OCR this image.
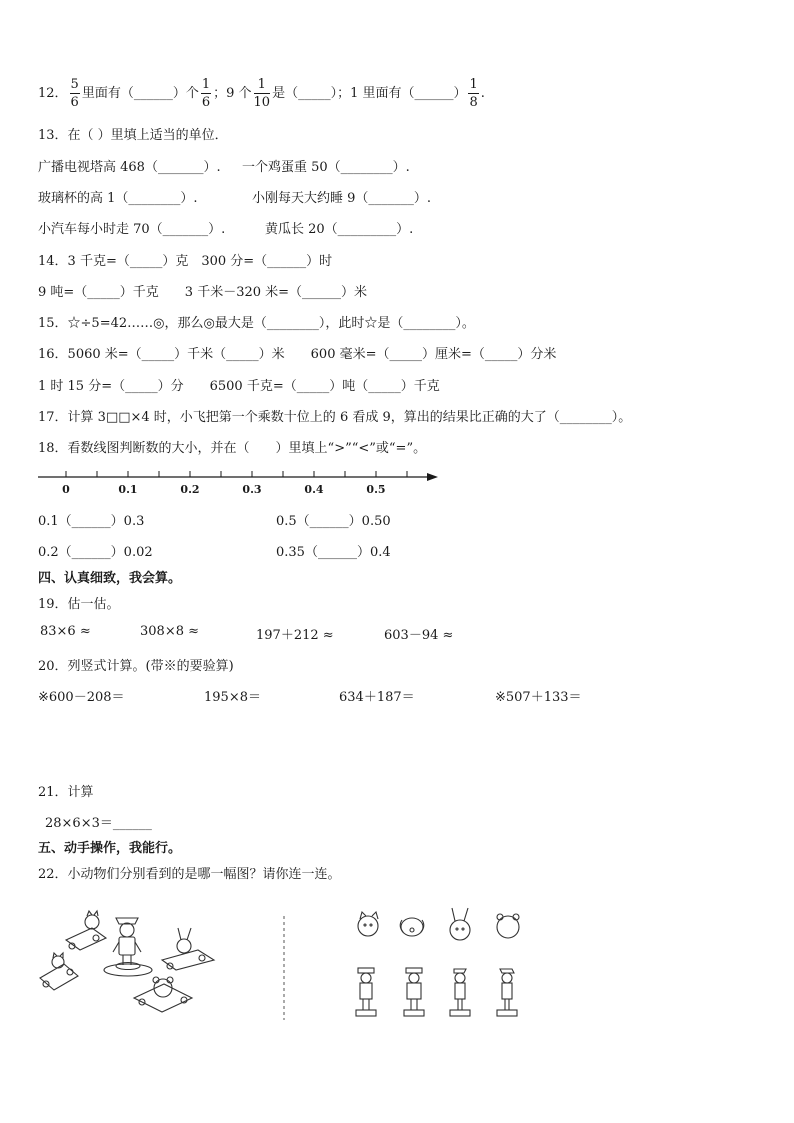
12． $\frac{5}{6}$ 里面有（______）个 $\frac{1}{6}$ ；9 个 $\frac{1}{10}$ 是（_____）；1 里面有（______） $\frac{1}{8}$ .
13．在（ ）里填上适当的单位．
广播电视塔高 468（_______）. 一个鸡蛋重 50（________）.
玻璃杯的高 1（________）.	小刚每天大约睡 9（_______）.
小汽车每小时走 70（_______）.	黄瓜长 20（_________）.
14．3 千克=（_____）克　300 分=（______）时
9 吨=（_____）千克　　3 千米－320 米=（______）米
15．☆÷5=42……◎，那么◎最大是（________），此时☆是（________）。
16．5060 米=（_____）千米（_____）米　　600 毫米=（_____）厘米=（_____）分米
1 时 15 分=（_____）分　　6500 千克=（_____）吨（_____）千克
17．计算 3□□×4 时，小飞把第一个乘数十位上的 6 看成 9，算出的结果比正确的大了（________）。
18．看数线图判断数的大小，并在（　　）里填上“>”“<”或“=”。
0	0.1	0.2	0.3	0.4	0.5
0.1（______）0.3	0.5（______）0.50
0.2（______）0.02	0.35（______）0.4
四、认真细致，我会算。
19．估一估。
83×6 ≈	308×8 ≈	197＋212 ≈	603－94 ≈
20．列竖式计算。(带※的要验算)
※600－208＝	195×8＝	634＋187＝	※507＋133＝
21．计算
28×6×3＝______
五、动手操作，我能行。
22．小动物们分别看到的是哪一幅图？请你连一连。
